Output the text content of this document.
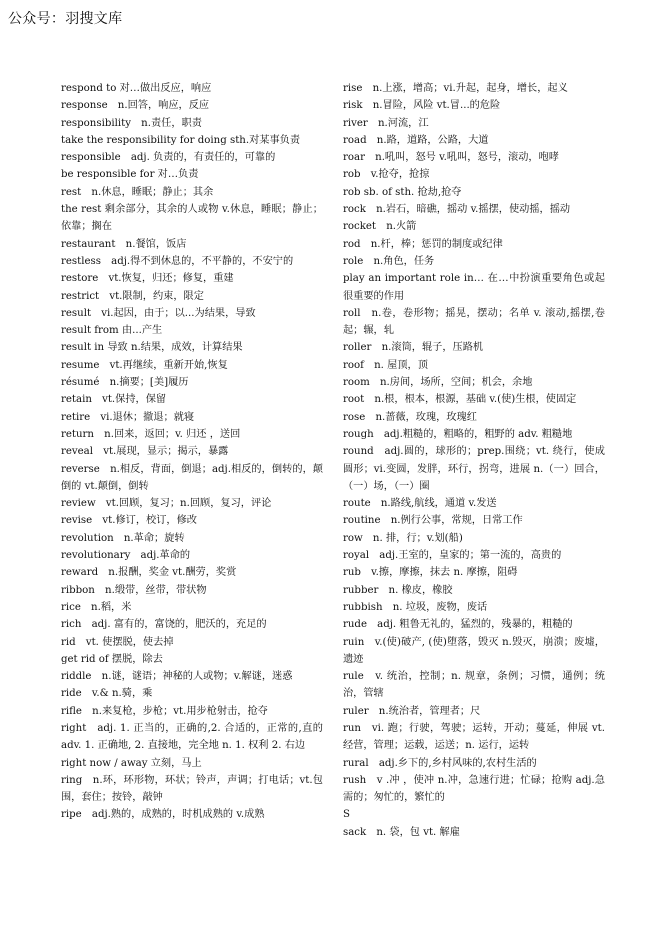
公众号：羽搜文库
respond to 对…做出反应，响应
response　n.回答，响应，反应
responsibility　n.责任，职责
take the responsibility for doing sth.对某事负责
responsible　adj. 负责的，有责任的，可靠的
be responsible for 对…负责
rest　n.休息，睡眠；静止；其余
the rest 剩余部分，其余的人或物 v.休息，睡眠；静止；依靠；搁在
restaurant　n.餐馆，饭店
restless　adj.得不到休息的，不平静的，不安宁的
restore　vt.恢复，归还；修复，重建
restrict　vt.限制，约束，限定
result　vi.起因，由于；以...为结果，导致
result from 由...产生
result in 导致 n.结果，成效，计算结果
resume　vt.再继续，重新开始,恢复
résumé　n.摘要；[美]履历
retain　vt.保持，保留
retire　vi.退休；撤退；就寝
return　n.回来，返回；v. 归还 ，送回
reveal　vt.展现，显示；揭示，暴露
reverse　n.相反，背面，倒退；adj.相反的，倒转的，颠倒的 vt.颠倒，倒转
review　vt.回顾，复习；n.回顾，复习，评论
revise　vt.修订，校订，修改
revolution　n.革命；旋转
revolutionary　adj.革命的
reward　n.报酬，奖金 vt.酬劳，奖赏
ribbon　n.缎带，丝带，带状物
rice　n.稻，米
rich　adj. 富有的，富饶的，肥沃的，充足的
rid　vt. 使摆脱，使去掉
get rid of 摆脱，除去
riddle　n.谜，谜语；神秘的人或物；v.解谜，迷惑
ride　v.& n.骑，乘
rifle　n.来复枪，步枪；vt.用步枪射击，抢夺
right　adj. 1. 正当的，正确的,2. 合适的，正常的,直的 adv. 1. 正确地, 2. 直接地，完全地 n. 1. 权利 2. 右边
right now / away 立刻，马上
ring　n.环，环形物，环状；铃声，声调；打电话；vt.包围，套住；按铃，敲钟
ripe　adj.熟的，成熟的，时机成熟的 v.成熟
rise　n.上涨，增高；vi.升起，起身，增长，起义
risk　n.冒险，风险 vt.冒...的危险
river　n.河流，江
road　n.路，道路，公路，大道
roar　n.吼叫，怒号 v.吼叫，怒号，滚动，咆哮
rob　v.抢夺，抢掠
rob sb. of sth. 抢劫,抢夺
rock　n.岩石，暗礁，摇动 v.摇摆，使动摇，摇动
rocket　n.火箭
rod　n.杆，棒；惩罚的制度或纪律
role　n.角色，任务
play an important role in… 在…中扮演重要角色或起很重要的作用
roll　n.卷，卷形物；摇晃，摆动；名单 v. 滚动,摇摆,卷起；辗，轧
roller　n.滚筒，辊子，压路机
roof　n. 屋顶，顶
room　n.房间，场所，空间；机会，余地
root　n.根，根本，根源，基础 v.(使)生根，使固定
rose　n.蔷薇，玫瑰，玫瑰红
rough　adj.粗糙的，粗略的，粗野的 adv. 粗糙地
round　adj.圆的，球形的；prep.围绕；vt. 绕行，使成圆形；vi.变圆，发胖，环行，拐弯，进展 n.（一）回合，（一）场，（一）圈
route　n.路线,航线，通道 v.发送
routine　n.例行公事，常规，日常工作
row　n. 排，行；v.划(船)
royal　adj.王室的，皇家的；第一流的，高贵的
rub　v.擦，摩擦，抹去 n. 摩擦，阻碍
rubber　n. 橡皮，橡胶
rubbish　n. 垃圾，废物，废话
rude　adj. 粗鲁无礼的，猛烈的，残暴的，粗糙的
ruin　v.(使)破产, (使)堕落，毁灭 n.毁灭，崩溃；废墟，遗迹
rule　v. 统治，控制；n. 规章，条例；习惯，通例；统治，管辖
ruler　n.统治者，管理者；尺
run　vi. 跑；行驶，驾驶；运转，开动；蔓延，伸展 vt.经营，管理；运载，运送；n. 运行，运转
rural　adj.乡下的,乡村风味的,农村生活的
rush　v .冲 ，使冲 n.冲，急速行进；忙碌；抢购 adj.急需的；匆忙的，繁忙的
S
sack　n. 袋，包 vt. 解雇
